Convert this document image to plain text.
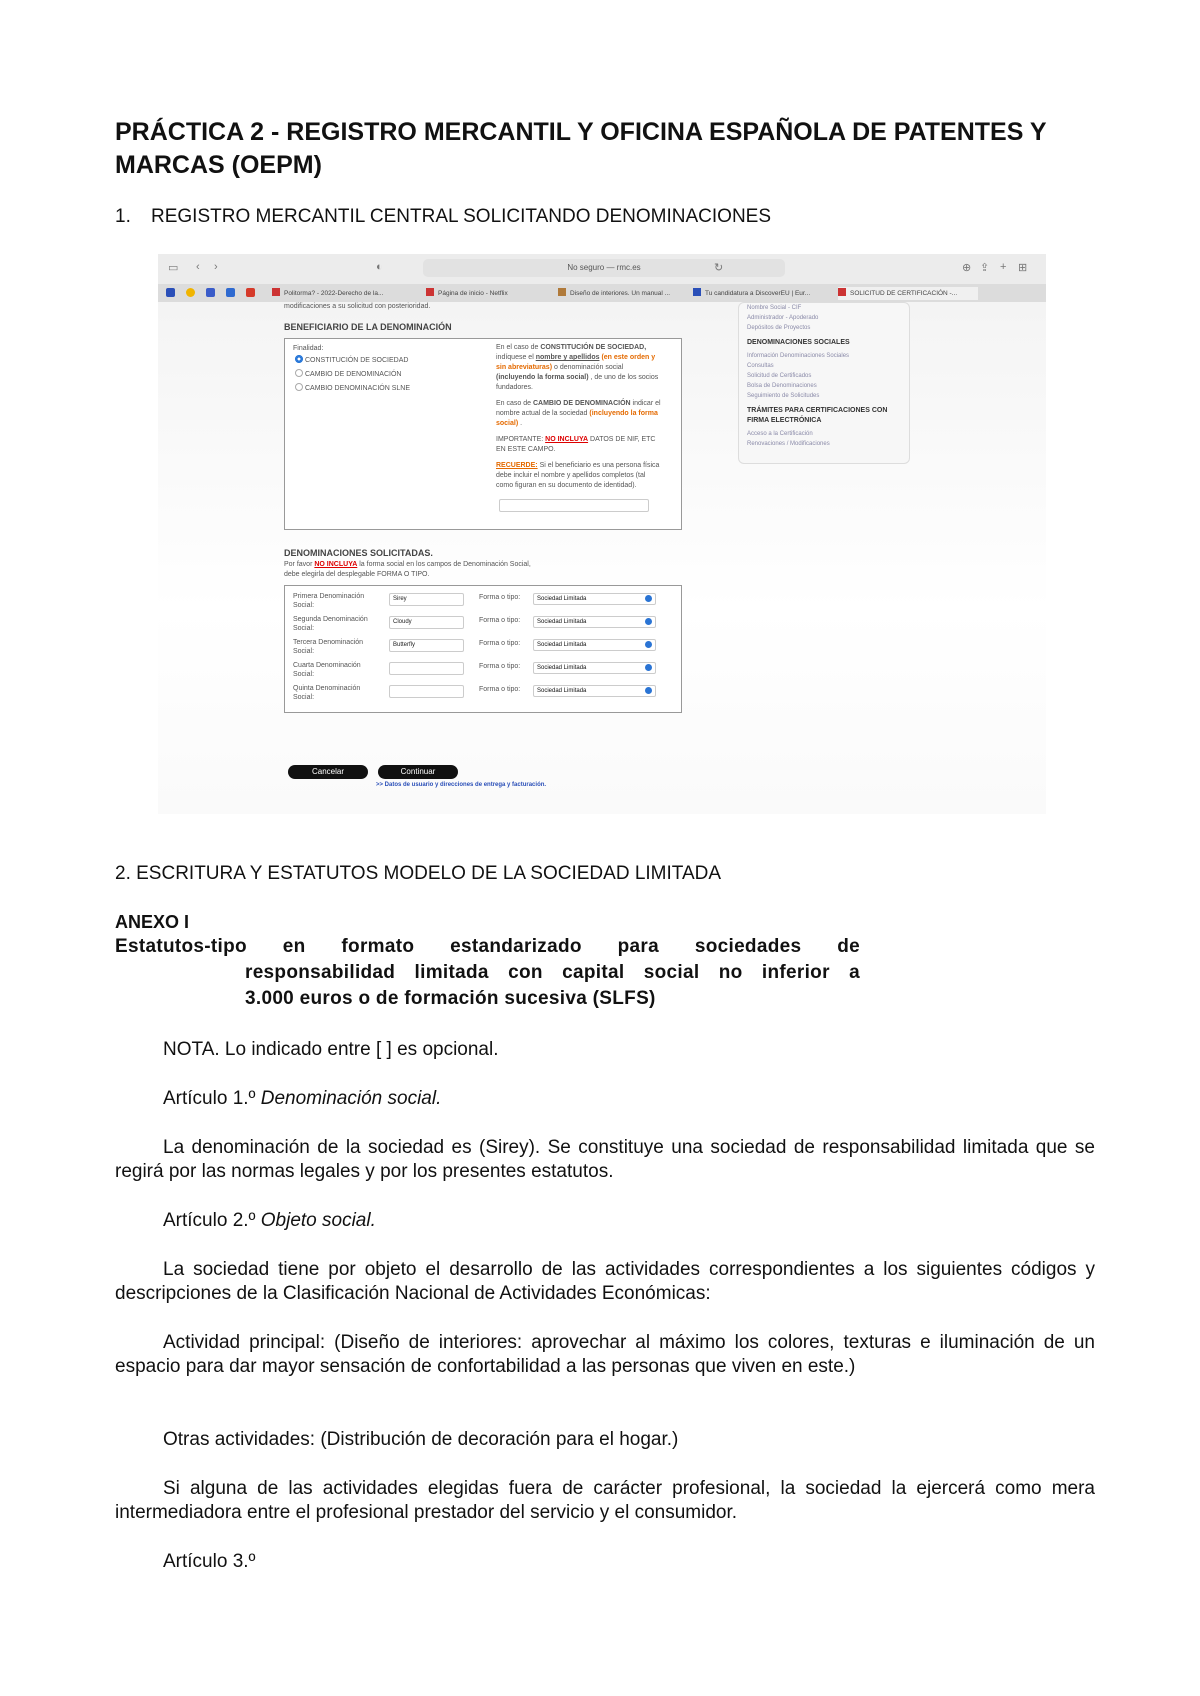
PRÁCTICA 2 - REGISTRO MERCANTIL Y OFICINA ESPAÑOLA DE PATENTES Y MARCAS (OEPM)
1. REGISTRO MERCANTIL CENTRAL SOLICITANDO DENOMINACIONES
▭ ‹ ›	◐	No seguro — rmc.es	↻	⊕ ⇪ + ⊞
Politorma? - 2022-Derecho de la...	Página de inicio - Netflix	Diseño de interiores. Un manual ...	Tu candidatura a DiscoverEU | Eur...	SOLICITUD DE CERTIFICACIÓN -...
modificaciones a su solicitud con posterioridad.
BENEFICIARIO DE LA DENOMINACIÓN
Finalidad:
CONSTITUCIÓN DE SOCIEDAD
CAMBIO DE DENOMINACIÓN
CAMBIO DENOMINACIÓN SLNE
En el caso de CONSTITUCIÓN DE SOCIEDAD,
indíquese el nombre y apellidos (en este orden y
sin abreviaturas) o denominación social
(incluyendo la forma social) , de uno de los socios
fundadores.
En caso de CAMBIO DE DENOMINACIÓN indicar el
nombre actual de la sociedad (incluyendo la forma
social) .
IMPORTANTE: NO INCLUYA DATOS DE NIF, ETC
EN ESTE CAMPO.
RECUERDE: Si el beneficiario es una persona física
debe incluir el nombre y apellidos completos (tal
como figuran en su documento de identidad).
Nombre Social - CIF
Administrador - Apoderado
Depósitos de Proyectos
DENOMINACIONES SOCIALES
Información Denominaciones Sociales
Consultas
Solicitud de Certificados
Bolsa de Denominaciones
Seguimiento de Solicitudes
TRÁMITES PARA CERTIFICACIONES CON
FIRMA ELECTRÓNICA
Acceso a la Certificación
Renovaciones / Modificaciones
DENOMINACIONES SOLICITADAS.
Por favor NO INCLUYA la forma social en los campos de Denominación Social,
debe elegirla del desplegable FORMA O TIPO.
Primera Denominación
Social:
Sirey	Forma o tipo:	Sociedad Limitada
Segunda Denominación
Social:
Cloudy	Forma o tipo:	Sociedad Limitada
Tercera Denominación
Social:
Butterfly	Forma o tipo:	Sociedad Limitada
Cuarta Denominación
Social:
Forma o tipo:	Sociedad Limitada
Quinta Denominación
Social:
Forma o tipo:	Sociedad Limitada
Cancelar	Continuar
>> Datos de usuario y direcciones de entrega y facturación.
2. ESCRITURA Y ESTATUTOS MODELO DE LA SOCIEDAD LIMITADA
ANEXO I
Estatutos-tipo en formato estandarizado para sociedades de
responsabilidad limitada con capital social no inferior a
3.000 euros o de formación sucesiva (SLFS)
NOTA. Lo indicado entre [ ] es opcional.
Artículo 1.º Denominación social.
La denominación de la sociedad es (Sirey). Se constituye una sociedad de responsabilidad limitada que se regirá por las normas legales y por los presentes estatutos.
Artículo 2.º Objeto social.
La sociedad tiene por objeto el desarrollo de las actividades correspondientes a los siguientes códigos y descripciones de la Clasificación Nacional de Actividades Económicas:
Actividad principal: (Diseño de interiores: aprovechar al máximo los colores, texturas e iluminación de un espacio para dar mayor sensación de confortabilidad a las personas que viven en este.)
Otras actividades: (Distribución de decoración para el hogar.)
Si alguna de las actividades elegidas fuera de carácter profesional, la sociedad la ejercerá como mera intermediadora entre el profesional prestador del servicio y el consumidor.
Artículo 3.º
